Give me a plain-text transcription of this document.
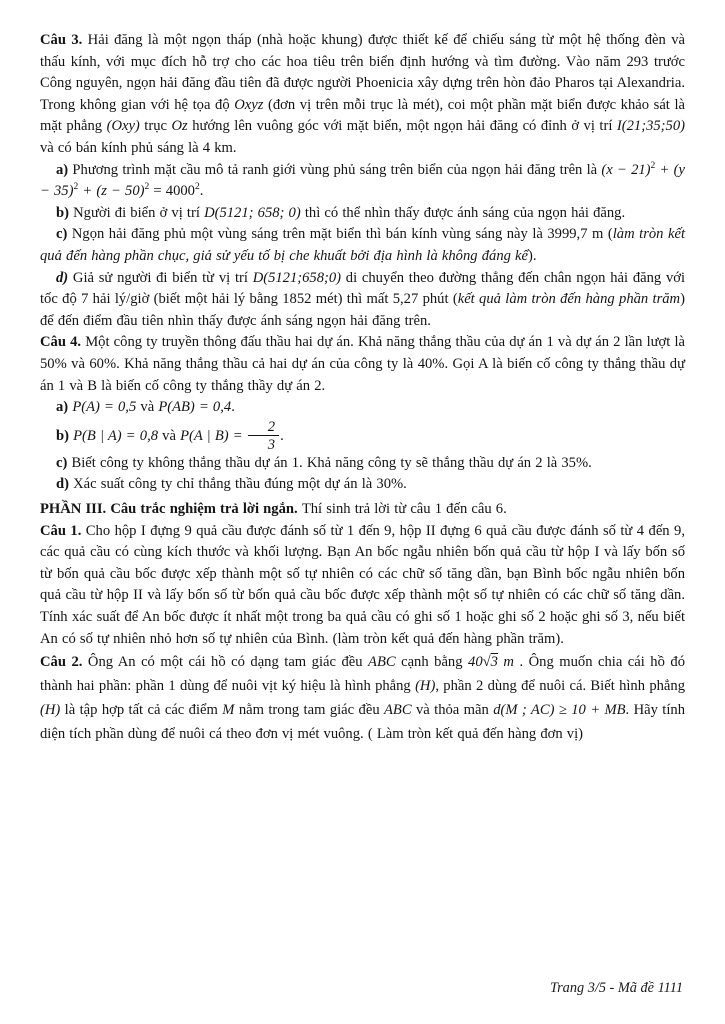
Câu 3. Hải đăng là một ngọn tháp (nhà hoặc khung) được thiết kế để chiếu sáng từ một hệ thống đèn và thấu kính, với mục đích hỗ trợ cho các hoa tiêu trên biển định hướng và tìm đường. Vào năm 293 trước Công nguyên, ngọn hải đăng đầu tiên đã được người Phoenicia xây dựng trên hòn đảo Pharos tại Alexandria. Trong không gian với hệ tọa độ Oxyz (đơn vị trên mỗi trục là mét), coi một phần mặt biển được khảo sát là mặt phẳng (Oxy) trục Oz hướng lên vuông góc với mặt biển, một ngọn hải đăng có đỉnh ở vị trí I(21;35;50) và có bán kính phủ sáng là 4 km.

a) Phương trình mặt cầu mô tả ranh giới vùng phủ sáng trên biển của ngọn hải đăng trên là $(x - 21)^2 + (y - 35)^2 + (z - 50)^2 = 4000^2$.

b) Người đi biển ở vị trí D(5121; 658; 0) thì có thể nhìn thấy được ánh sáng của ngọn hải đăng.

c) Ngọn hải đăng phủ một vùng sáng trên mặt biển thì bán kính vùng sáng này là 3999,7 m (làm tròn kết quả đến hàng phần chục, giả sử yếu tố bị che khuất bởi địa hình là không đáng kể).

d) Giả sử người đi biển từ vị trí D(5121;658;0) di chuyển theo đường thẳng đến chân ngọn hải đăng với tốc độ 7 hải lý/giờ (biết một hải lý bằng 1852 mét) thì mất 5,27 phút (kết quả làm tròn đến hàng phần trăm) để đến điểm đầu tiên nhìn thấy được ánh sáng ngọn hải đăng trên.

Câu 4. Một công ty truyền thông đấu thầu hai dự án. Khả năng thắng thầu của dự án 1 và dự án 2 lần lượt là 50% và 60%. Khả năng thắng thầu cả hai dự án của công ty là 40%. Gọi A là biến cố công ty thắng thầu dự án 1 và B là biến cố công ty thắng thầy dự án 2.

a) P(A) = 0,5 và P(AB) = 0,4.

b) P(B | A) = 0,8 và P(A | $B) = \frac{2}{3}$ .

c) Biết công ty không thắng thầu dự án 1. Khả năng công ty sẽ thắng thầu dự án 2 là 35%.

d) Xác suất công ty chỉ thắng thầu đúng một dự án là 30%.

PHẦN III. Câu trắc nghiệm trả lời ngắn. Thí sinh trả lời từ câu 1 đến câu 6.

Câu 1. Cho hộp I đựng 9 quả cầu được đánh số từ 1 đến 9, hộp II đựng 6 quả cầu được đánh số từ 4 đến 9, các quả cầu có cùng kích thước và khối lượng. Bạn An bốc ngẫu nhiên bốn quả cầu từ hộp I và lấy bốn số từ bốn quả cầu bốc được xếp thành một số tự nhiên có các chữ số tăng dần, bạn Bình bốc ngẫu nhiên bốn quả cầu từ hộp II và lấy bốn số từ bốn quả cầu bốc được xếp thành một số tự nhiên có các chữ số tăng dần. Tính xác suất để An bốc được ít nhất một trong ba quả cầu có ghi số 1 hoặc ghi số 2 hoặc ghi số 3, nếu biết An có số tự nhiên nhỏ hơn số tự nhiên của Bình. (làm tròn kết quả đến hàng phần trăm).

Câu 2. Ông An có một cái hồ có dạng tam giác đều ABC cạnh bằng 40√3 m . Ông muốn chia cái hồ đó thành hai phần: phần 1 dùng để nuôi vịt ký hiệu là hình phẳng (H), phần 2 dùng để nuôi cá. Biết hình phẳng (H) là tập hợp tất cả các điểm M nằm trong tam giác đều ABC và thỏa mãn d(M ; AC) ≥ 10 + MB. Hãy tính diện tích phần dùng để nuôi cá theo đơn vị mét vuông. ( Làm tròn kết quả đến hàng đơn vị)

Trang 3/5 - Mã đề 1111
